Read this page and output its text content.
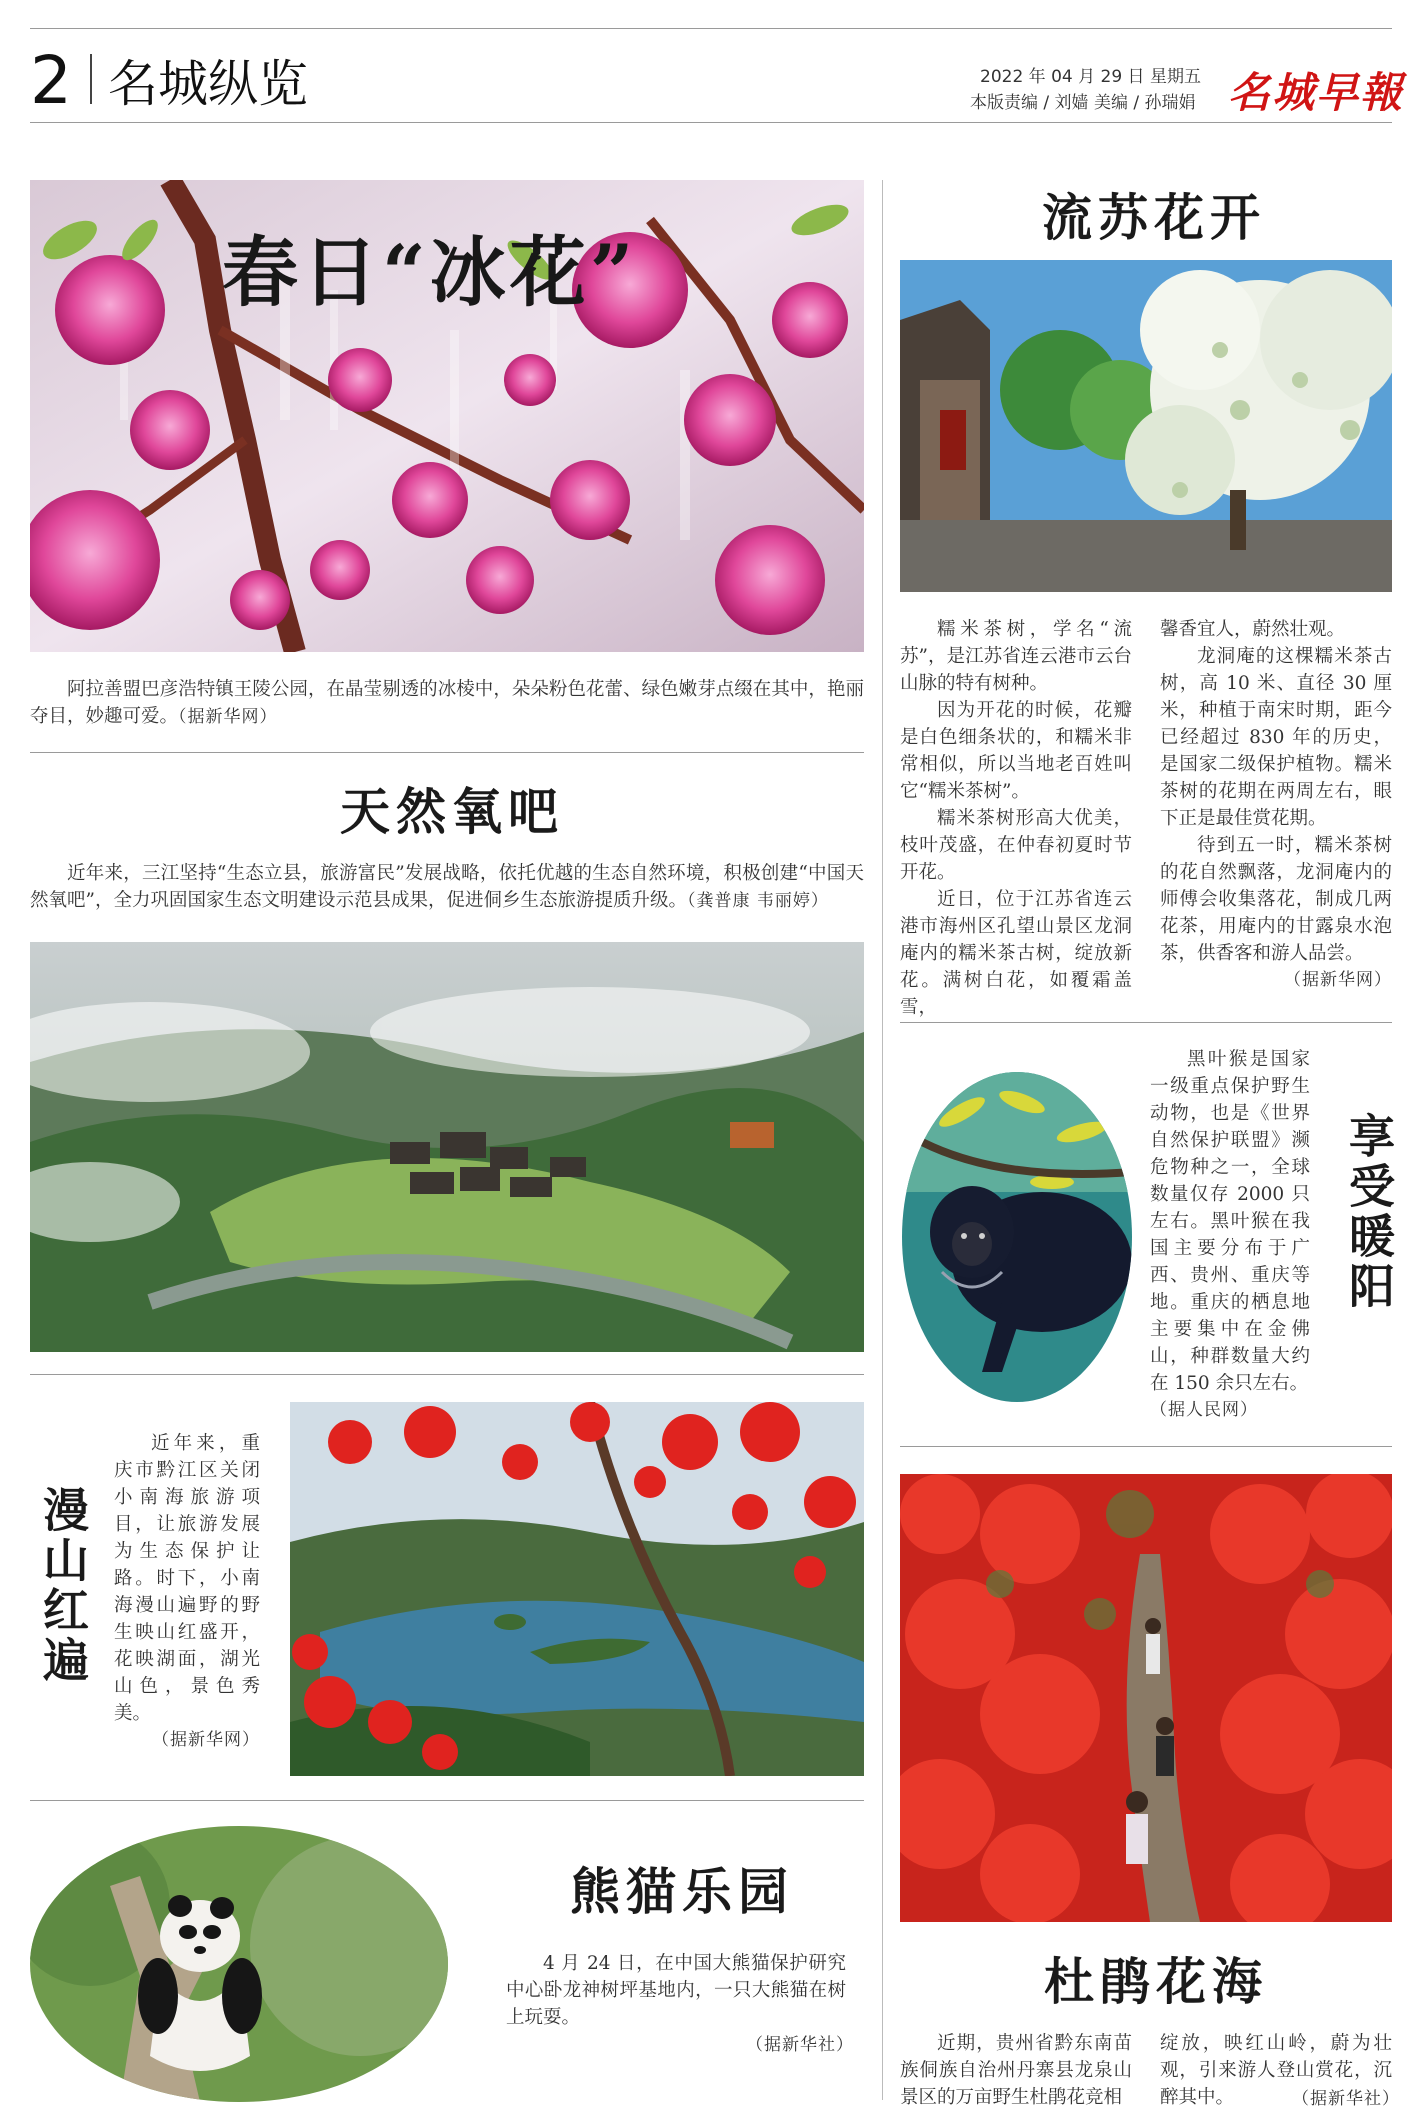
2 名城纵览	2022 年 04 月 29 日 星期五
本版责编 / 刘嫱 美编 / 孙瑞娟 名城早報
春日“冰花”

阿拉善盟巴彦浩特镇王陵公园，在晶莹剔透的冰棱中，朵朵粉色花蕾、绿色嫩芽点缀在其中，艳丽夺目，妙趣可爱。（据新华网）

天然氧吧

近年来，三江坚持“生态立县，旅游富民”发展战略，依托优越的生态自然环境，积极创建“中国天然氧吧”，全力巩固国家生态文明建设示范县成果，促进侗乡生态旅游提质升级。（龚普康 韦丽婷）

漫山红遍

近年来，重庆市黔江区关闭小南海旅游项目，让旅游发展为生态保护让路。时下，小南海漫山遍野的野生映山红盛开，花映湖面，湖光山色，景色秀美。

（据新华网）
熊猫乐园

4 月 24 日，在中国大熊猫保护研究中心卧龙神树坪基地内，一只大熊猫在树上玩耍。

（据新华社）
流苏花开

糯米茶树，学名“流苏”，是江苏省连云港市云台山脉的特有树种。

因为开花的时候，花瓣是白色细条状的，和糯米非常相似，所以当地老百姓叫它“糯米茶树”。

糯米茶树形高大优美，枝叶茂盛，在仲春初夏时节开花。

近日，位于江苏省连云港市海州区孔望山景区龙洞庵内的糯米茶古树，绽放新花。满树白花，如覆霜盖雪，

馨香宜人，蔚然壮观。

龙洞庵的这棵糯米茶古树，高 10 米、直径 30 厘米，种植于南宋时期，距今已经超过 830 年的历史，是国家二级保护植物。糯米茶树的花期在两周左右，眼下正是最佳赏花期。

待到五一时，糯米茶树的花自然飘落，龙洞庵内的师傅会收集落花，制成几两花茶，用庵内的甘露泉水泡茶，供香客和游人品尝。

（据新华网）

黑叶猴是国家一级重点保护野生动物，也是《世界自然保护联盟》濒危物种之一，全球数量仅存 2000 只左右。黑叶猴在我国主要分布于广西、贵州、重庆等地。重庆的栖息地主要集中在金佛山，种群数量大约在 150 余只左右。

（据人民网）
享受暖阳
杜鹃花海

近期，贵州省黔东南苗族侗族自治州丹寨县龙泉山景区的万亩野生杜鹃花竞相

绽放，映红山岭，蔚为壮观，引来游人登山赏花，沉醉其中。	（据新华社）
